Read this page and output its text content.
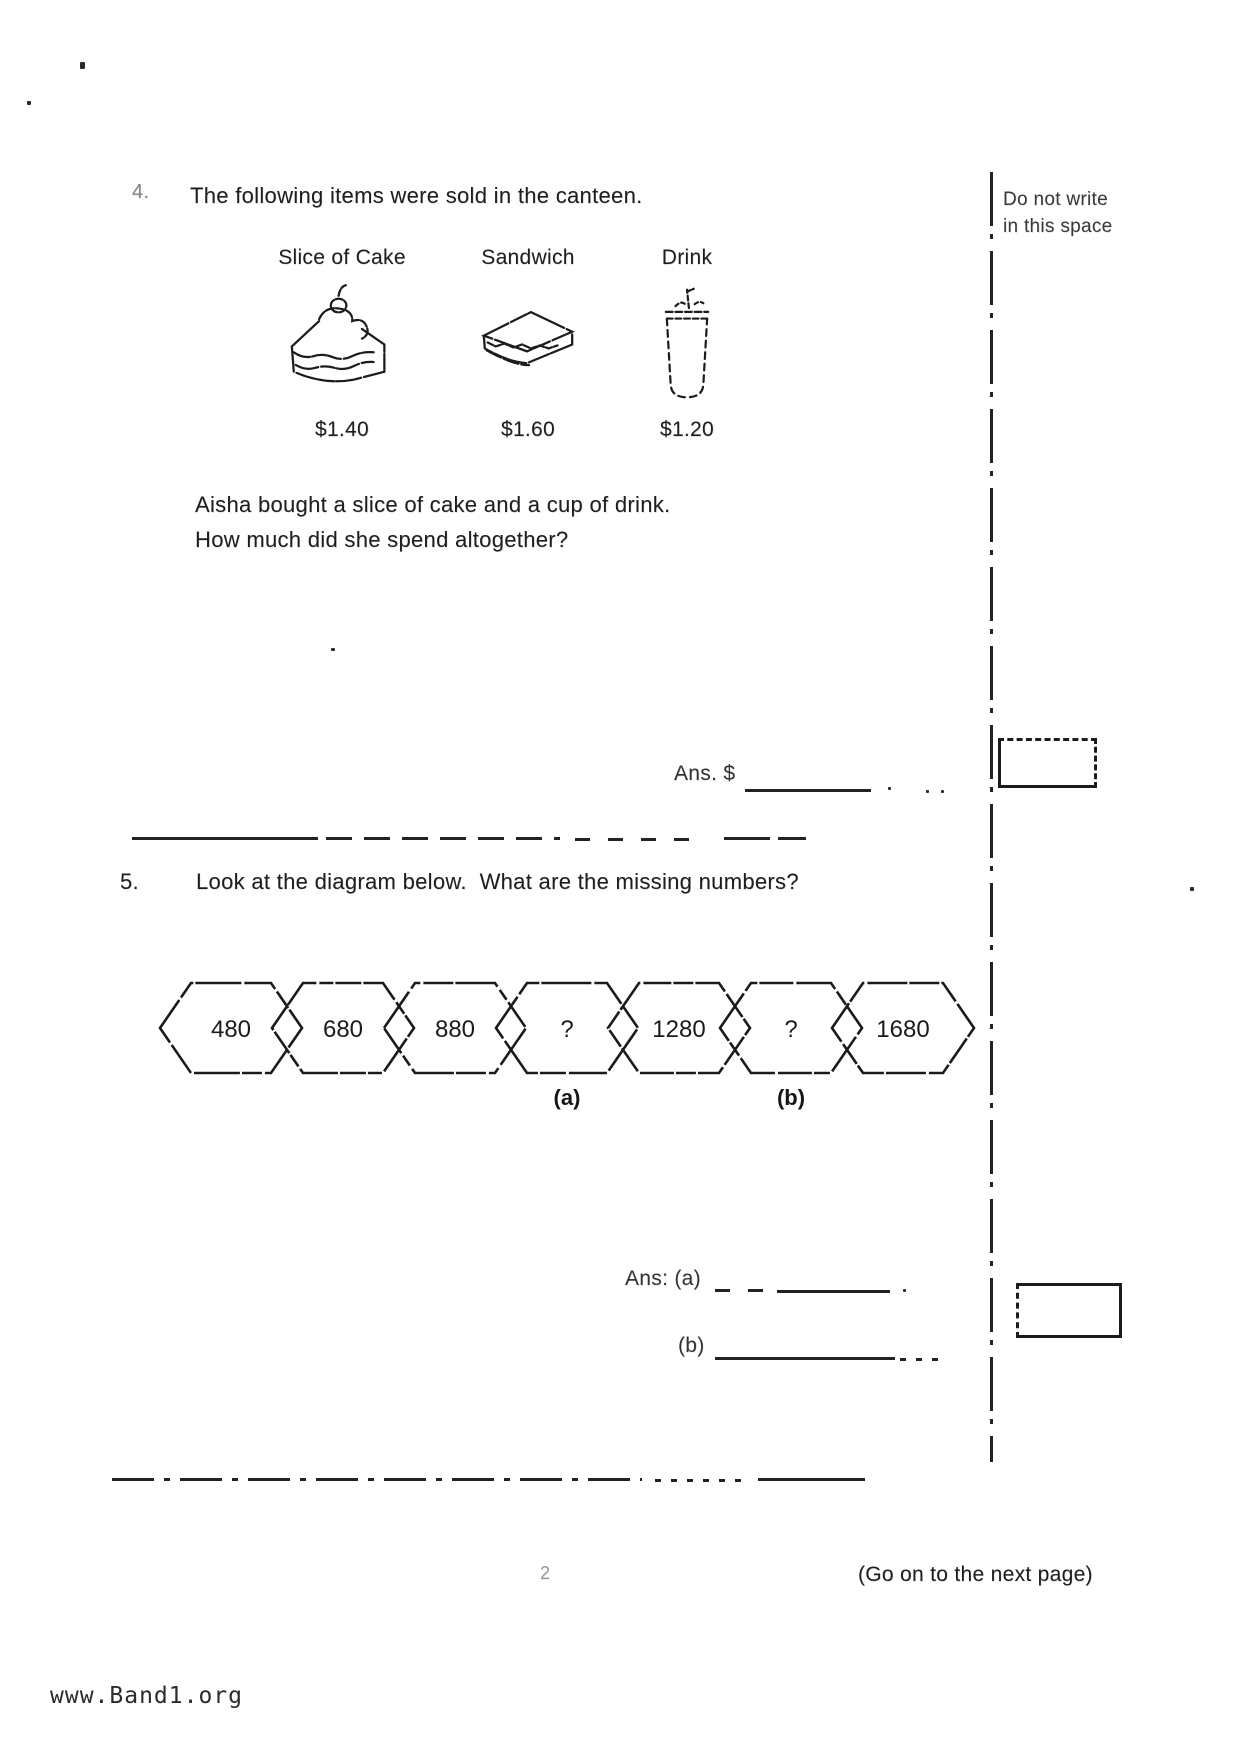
Do not write
in this space
4. The following items were sold in the canteen.
Slice of Cake
$1.40
Sandwich
$1.60
Drink
$1.20
Aisha bought a slice of cake and a cup of drink.
How much did she spend altogether?
Ans. $
5.	Look at the diagram below.  What are the missing numbers?
480	680	880	?	1280	?	1680
(a)	(b)
Ans: (a)
(b)
2	(Go on to the next page)
www.Band1.org
